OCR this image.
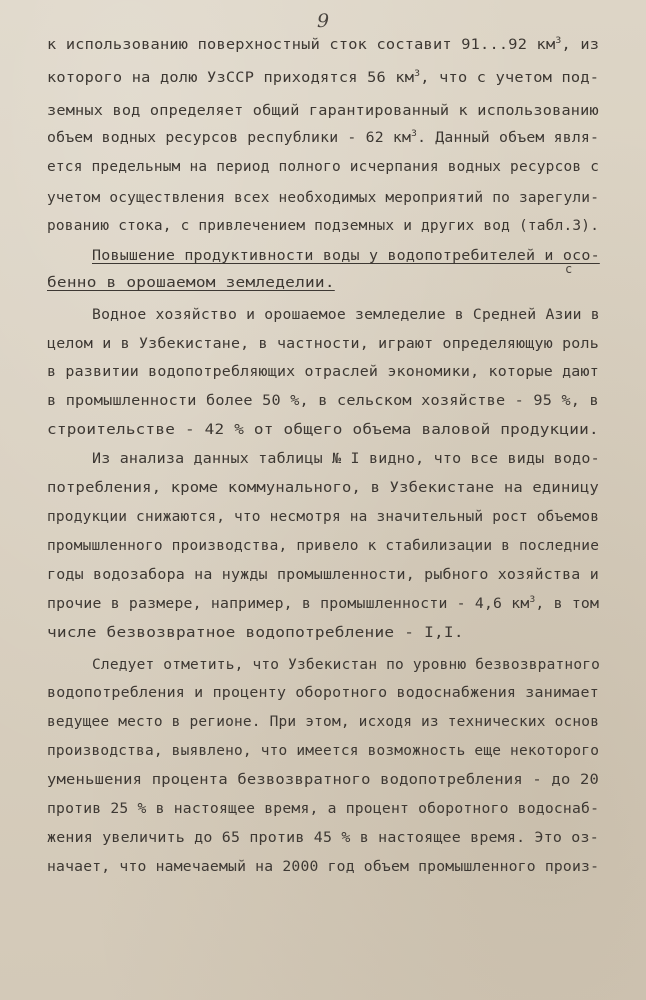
9
к использованию поверхностный сток составит 91...92 $км^3$, из
которого на долю УзССР приходятся 56 $км^3$, что с учетом под-
земных вод определяет общий гарантированный к использованию
объем водных ресурсов республики - 62 $км^3$. Данный объем явля-
ется предельным на период полного исчерпания водных ресурсов с
учетом осуществления всех необходимых мероприятий по зарегули-
рованию стока, с привлечением подземных и других вод (табл.3).
Повышение продуктивности воды у водопотребителей и осо-
с
бенно в орошаемом земледелии.
Водное хозяйство и орошаемое земледелие в Средней Азии в
целом и в Узбекистане, в частности, играют определяющую роль
в развитии водопотребляющих отраслей экономики, которые дают
в промышленности более 50 %, в сельском хозяйстве - 95 %, в
строительстве - 42 % от общего объема валовой продукции.
Из анализа данных таблицы № I видно, что все виды водо-
потребления, кроме коммунального, в Узбекистане на единицу
продукции снижаются, что несмотря на значительный рост объемов
промышленного производства, привело к стабилизации в последние
годы водозабора на нужды промышленности, рыбного хозяйства и
прочие в размере, например, в промышленности - 4,6 $км^3$, в том
числе безвозвратное водопотребление - I,I.
Следует отметить, что Узбекистан по уровню безвозвратного
водопотребления и проценту оборотного водоснабжения занимает
ведущее место в регионе. При этом, исходя из технических основ
производства, выявлено, что имеется возможность еще некоторого
уменьшения процента безвозвратного водопотребления - до 20
против 25 % в настоящее время, а процент оборотного водоснаб-
жения увеличить до 65 против 45 % в настоящее время. Это оз-
начает, что намечаемый на 2000 год объем промышленного произ-
